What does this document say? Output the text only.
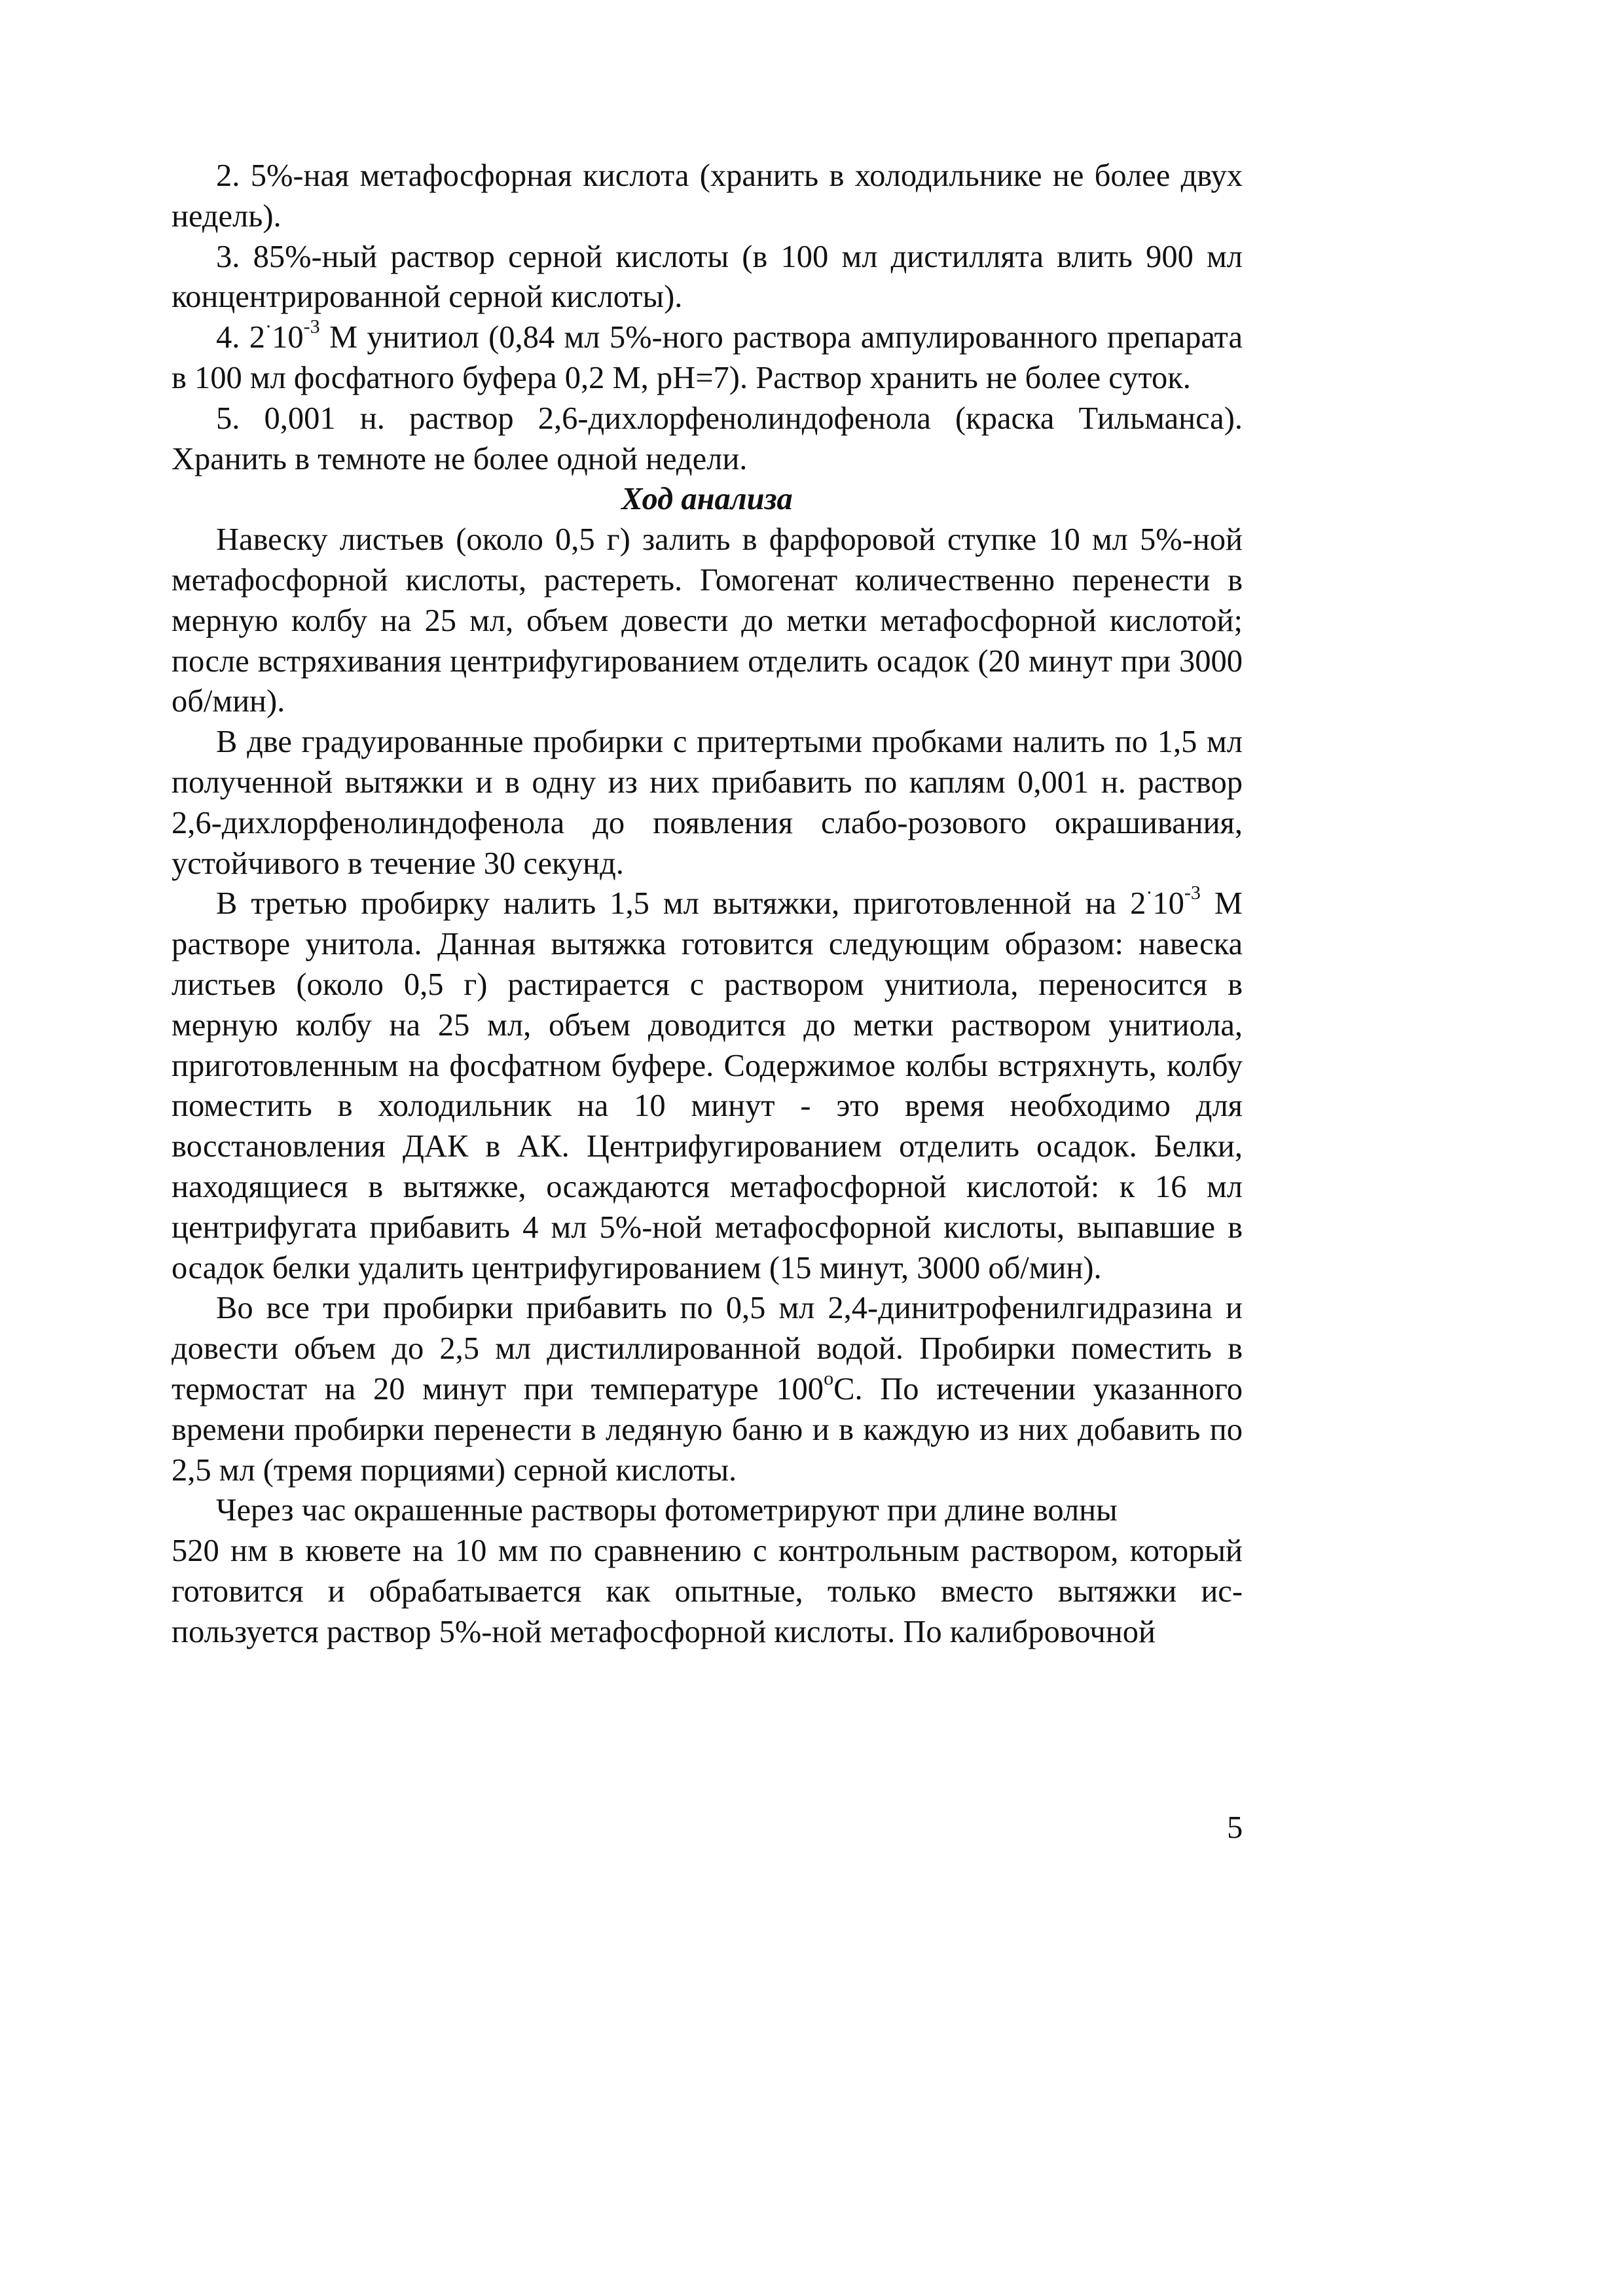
2. 5%-ная метафосфорная кислота (хранить в холодильнике не более двух недель).

3. 85%-ный раствор серной кислоты (в 100 мл дистиллята влить 900 мл концентрированной серной кислоты).

4. $2^\cdot 10^{-3}$ М унитиол (0,84 мл 5%-ного раствора ампулированного препарата в 100 мл фосфатного буфера 0,2 М, рН=7). Раствор хранить не более суток.

5. 0,001 н. раствор 2,6-дихлорфенолиндофенола (краска Тильманса). Хранить в темноте не более одной недели.

Ход анализа

Навеску листьев (около 0,5 г) залить в фарфоровой ступке 10 мл 5%-ной метафосфорной кислоты, растереть. Гомогенат количественно перенести в мерную колбу на 25 мл, объем довести до метки метафосфорной кислотой; после встряхивания центрифугированием отделить осадок (20 минут при 3000 об/мин).

В две градуированные пробирки с притертыми пробками налить по 1,5 мл полученной вытяжки и в одну из них прибавить по каплям 0,001 н. раствор 2,6-дихлорфенолиндофенола до появления слабо-розового окрашивания, устойчивого в течение 30 секунд.

В третью пробирку налить 1,5 мл вытяжки, приготовленной на $2^\cdot 10^{-3}$ М растворе унитола. Данная вытяжка готовится следующим образом: навеска листьев (около 0,5 г) растирается с раствором унитиола, переносится в мерную колбу на 25 мл, объем доводится до метки раствором унитиола, приготовленным на фосфатном буфере. Содержимое колбы встряхнуть, колбу поместить в холодильник на 10 минут - это время необходимо для восстановления ДАК в АК. Центрифугированием отделить осадок. Белки, находящиеся в вытяжке, осаждаются метафосфорной кислотой: к 16 мл центрифугата прибавить 4 мл 5%-ной метафосфорной кислоты, выпавшие в осадок белки удалить центрифугированием (15 минут, 3000 об/мин).

Во все три пробирки прибавить по 0,5 мл 2,4-динитрофенилгидразина и довести объем до 2,5 мл дистиллированной водой. Пробирки поместить в термостат на 20 минут при температуре 100$^o$С. По истечении указанного времени пробирки перенести в ледяную баню и в каждую из них добавить по 2,5 мл (тремя порциями) серной кислоты.

Через час окрашенные растворы фотометрируют при длине волны

520 нм в кювете на 10 мм по сравнению с контрольным раствором, который готовится и обрабатывается как опытные, только вместо вытяжки используется раствор 5%-ной метафосфорной кислоты. По калибровочной

5
